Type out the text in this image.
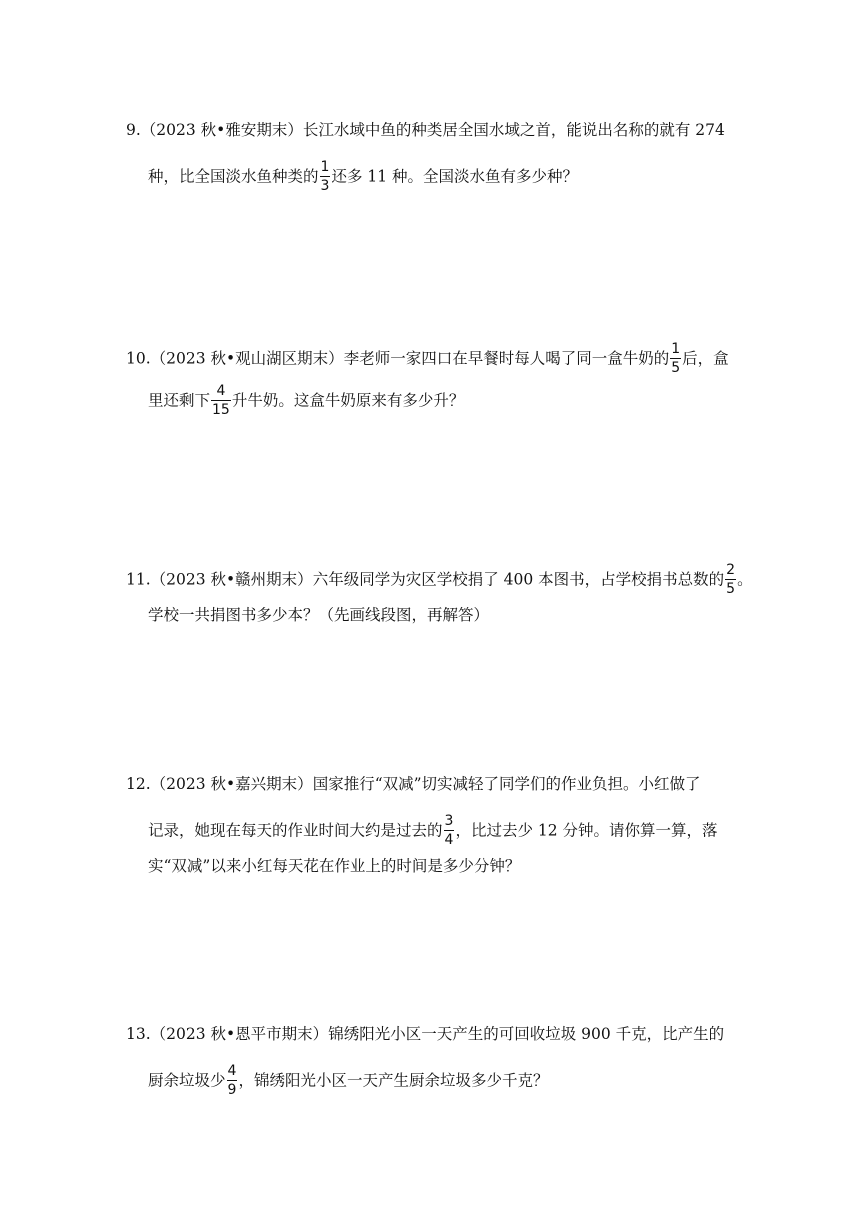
9.（2023 秋•雅安期末）长江水域中鱼的种类居全国水域之首，能说出名称的就有 274
种，比全国淡水鱼种类的 $\frac{1}{3}$ 还多 11 种。全国淡水鱼有多少种？
10.（2023 秋•观山湖区期末）李老师一家四口在早餐时每人喝了同一盒牛奶的 $\frac{1}{5}$ 后，盒
里还剩下 $\frac{4}{15}$ 升牛奶。这盒牛奶原来有多少升？
11.（2023 秋•赣州期末）六年级同学为灾区学校捐了 400 本图书，占学校捐书总数的 $\frac{2}{5}$ 。
学校一共捐图书多少本？（先画线段图，再解答）
12.（2023 秋•嘉兴期末）国家推行“双减”切实减轻了同学们的作业负担。小红做了
记录，她现在每天的作业时间大约是过去的 $\frac{3}{4}$ ，比过去少 12 分钟。请你算一算，落
实“双减”以来小红每天花在作业上的时间是多少分钟？
13.（2023 秋•恩平市期末）锦绣阳光小区一天产生的可回收垃圾 900 千克，比产生的
厨余垃圾少 $\frac{4}{9}$ ，锦绣阳光小区一天产生厨余垃圾多少千克？
